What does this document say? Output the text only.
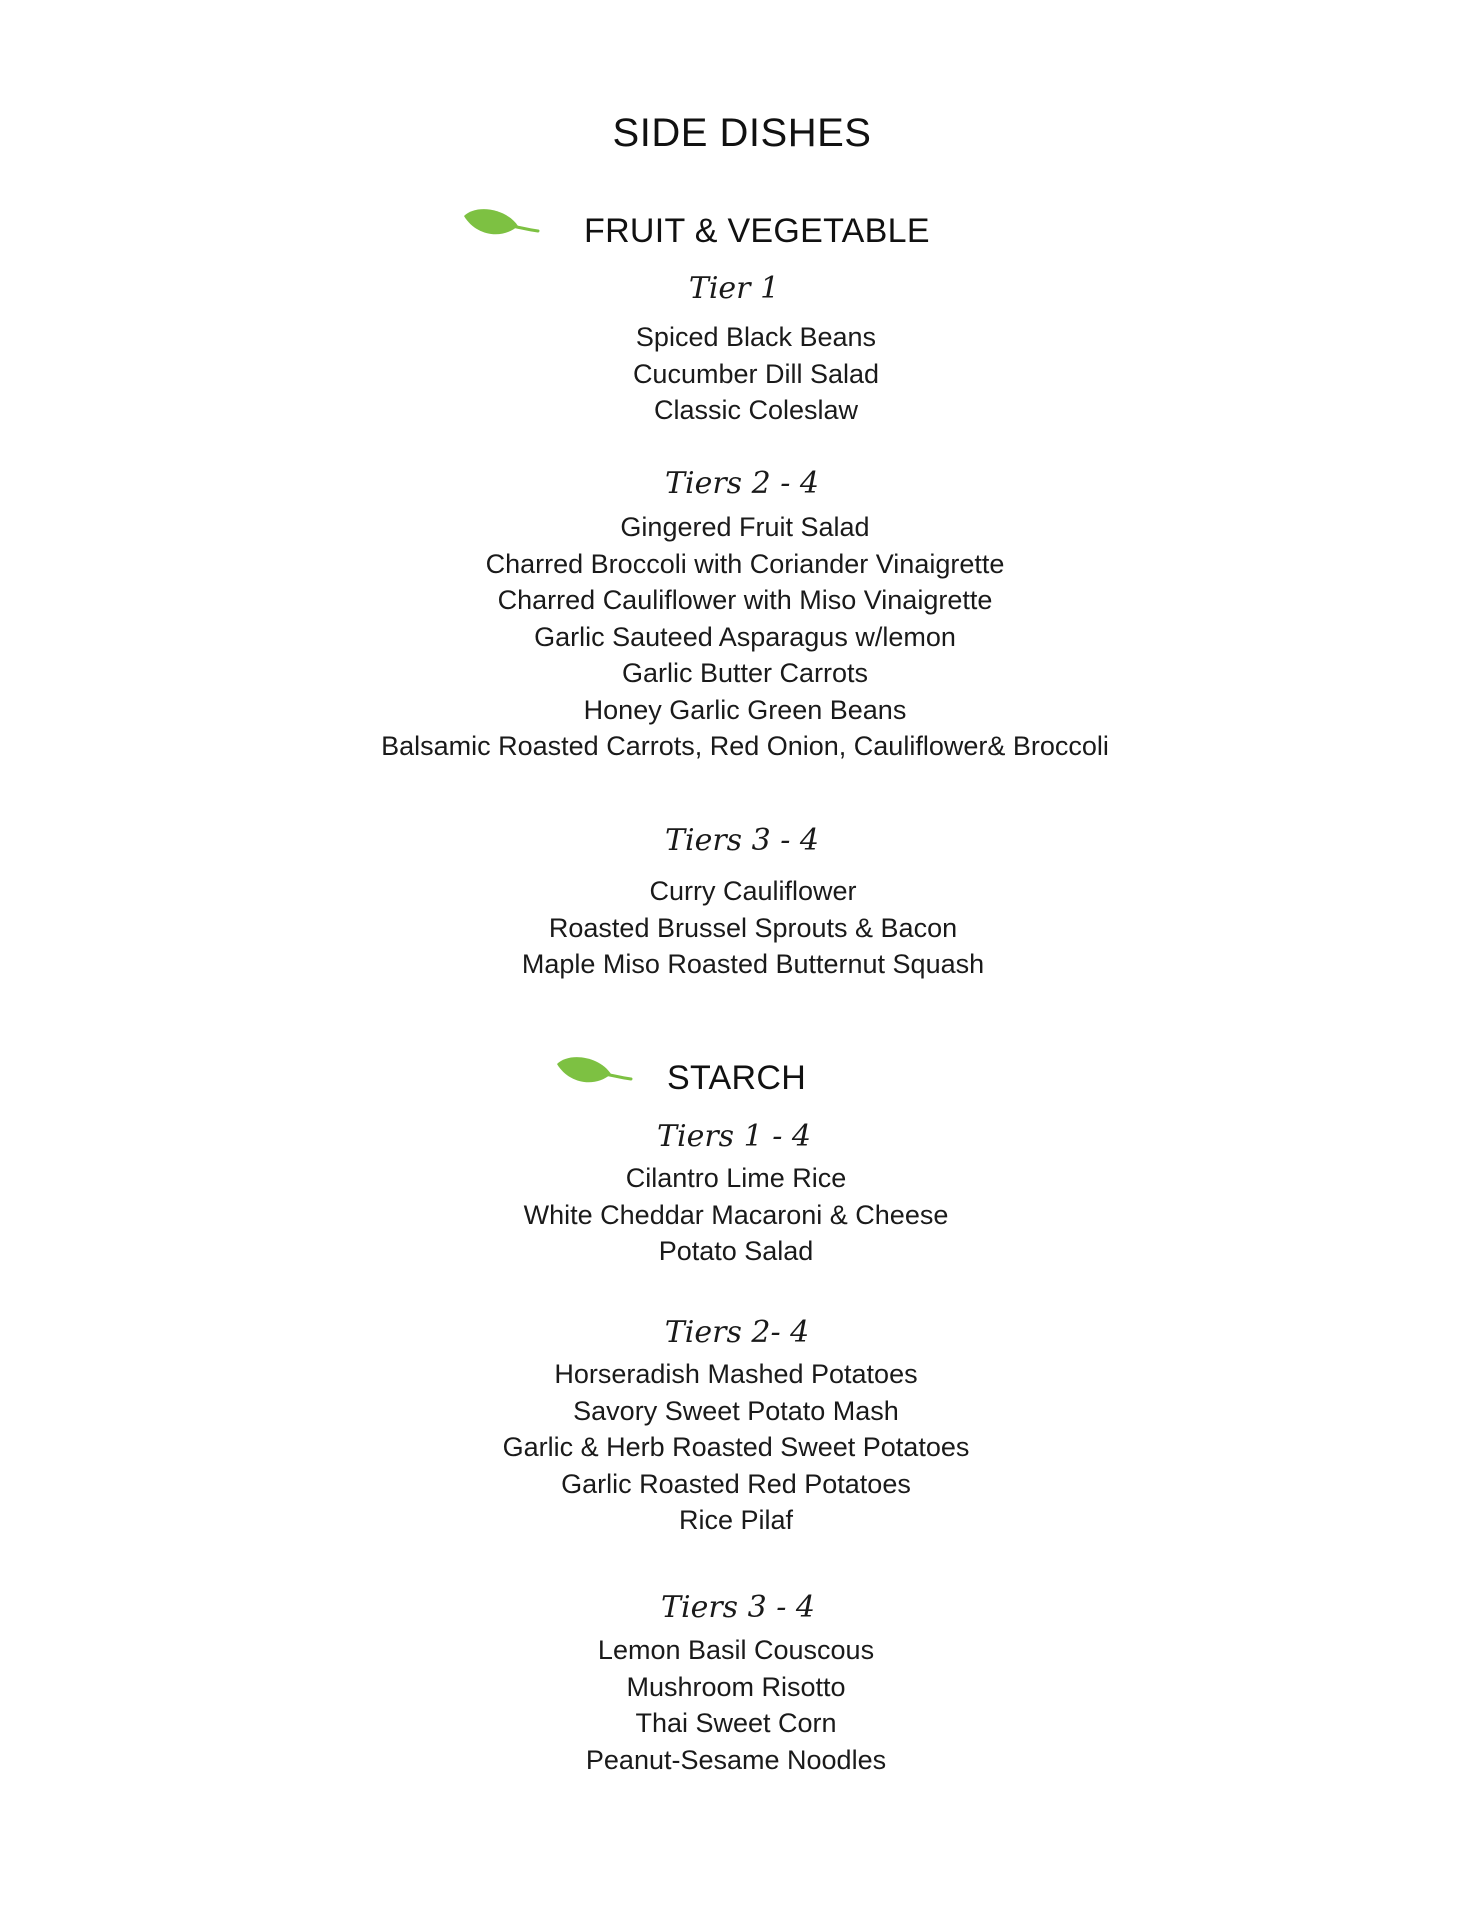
SIDE DISHES
FRUIT & VEGETABLE
Tier 1
Spiced Black Beans
Cucumber Dill Salad
Classic Coleslaw
Tiers 2 - 4
Gingered Fruit Salad
Charred Broccoli with Coriander Vinaigrette
Charred Cauliflower with Miso Vinaigrette
Garlic Sauteed Asparagus w/lemon
Garlic Butter Carrots
Honey Garlic Green Beans
Balsamic Roasted Carrots, Red Onion, Cauliflower& Broccoli
Tiers 3 - 4
Curry Cauliflower
Roasted Brussel Sprouts & Bacon
Maple Miso Roasted Butternut Squash
STARCH
Tiers 1 - 4
Cilantro Lime Rice
White Cheddar Macaroni & Cheese
Potato Salad
Tiers 2- 4
Horseradish Mashed Potatoes
Savory Sweet Potato Mash
Garlic & Herb Roasted Sweet Potatoes
Garlic Roasted Red Potatoes
Rice Pilaf
Tiers 3 - 4
Lemon Basil Couscous
Mushroom Risotto
Thai Sweet Corn
Peanut-Sesame Noodles
